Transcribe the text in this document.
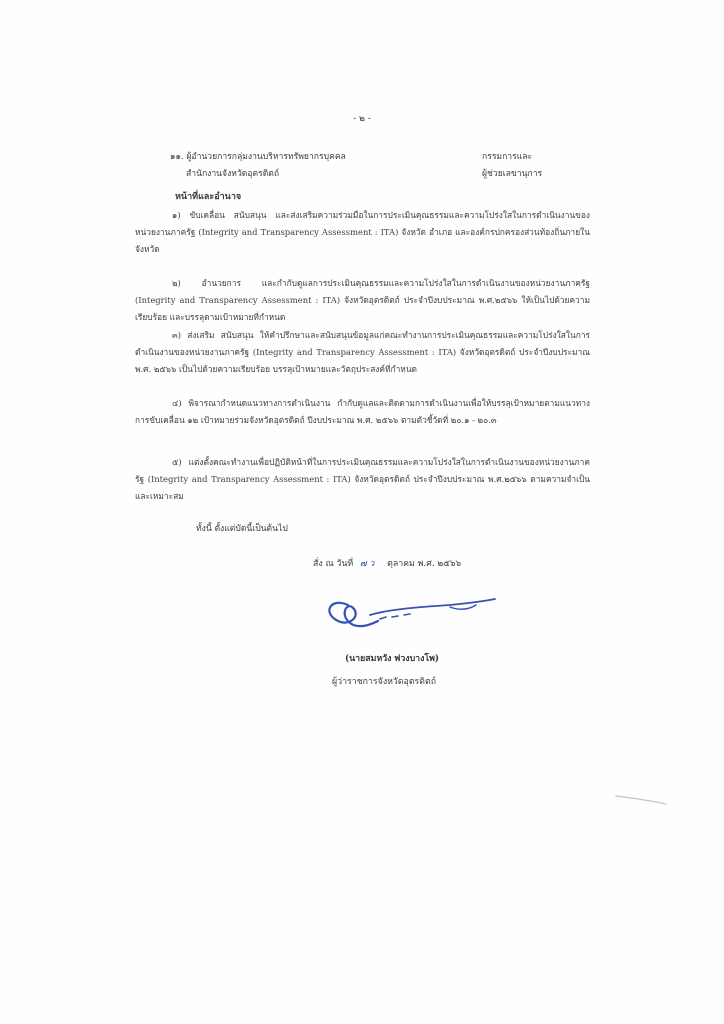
- ๒ -
๑๑. ผู้อำนวยการกลุ่มงานบริหารทรัพยากรบุคคล
สำนักงานจังหวัดอุตรดิตถ์
กรรมการและ
ผู้ช่วยเลขานุการ
หน้าที่และอำนาจ
๑) ขับเคลื่อน สนับสนุน และส่งเสริมความร่วมมือในการประเมินคุณธรรมและความโปร่งใสในการดำเนินงานของหน่วยงานภาครัฐ (Integrity and Transparency Assessment : ITA) จังหวัด อำเภอ และองค์กรปกครองส่วนท้องถิ่นภายในจังหวัด
๒) อำนวยการ และกำกับดูแลการประเมินคุณธรรมและความโปร่งใสในการดำเนินงานของหน่วยงานภาครัฐ (Integrity and Transparency Assessment : ITA) จังหวัดอุตรดิตถ์ ประจำปีงบประมาณ พ.ศ.๒๕๖๖ ให้เป็นไปด้วยความเรียบร้อย และบรรลุตามเป้าหมายที่กำหนด
๓) ส่งเสริม สนับสนุน ให้คำปรึกษาและสนับสนุนข้อมูลแก่คณะทำงานการประเมินคุณธรรมและความโปร่งใสในการดำเนินงานของหน่วยงานภาครัฐ (Integrity and Transparency Assessment : ITA) จังหวัดอุตรดิตถ์ ประจำปีงบประมาณ พ.ศ. ๒๕๖๖ เป็นไปด้วยความเรียบร้อย บรรลุเป้าหมายและวัตถุประสงค์ที่กำหนด
๔) พิจารณากำหนดแนวทางการดำเนินงาน กำกับดูแลและติดตามการดำเนินงานเพื่อให้บรรลุเป้าหมายตามแนวทางการขับเคลื่อน ๑๒ เป้าหมายร่วมจังหวัดอุตรดิตถ์ ปีงบประมาณ พ.ศ. ๒๕๖๖ ตามตัวชี้วัดที่ ๒๐.๑ - ๒๐.๓
๕) แต่งตั้งคณะทำงานเพื่อปฏิบัติหน้าที่ในการประเมินคุณธรรมและความโปร่งใสในการดำเนินงานของหน่วยงานภาครัฐ (Integrity and Transparency Assessment : ITA) จังหวัดอุตรดิตถ์ ประจำปีงบประมาณ พ.ศ.๒๕๖๖ ตามความจำเป็นและเหมาะสม
ทั้งนี้ ตั้งแต่บัดนี้เป็นต้นไป
สั่ง ณ วันที่ ๗ ว ตุลาคม พ.ศ. ๒๕๖๖
(นายสมหวัง พ่วงบางโพ)
ผู้ว่าราชการจังหวัดอุตรดิตถ์
